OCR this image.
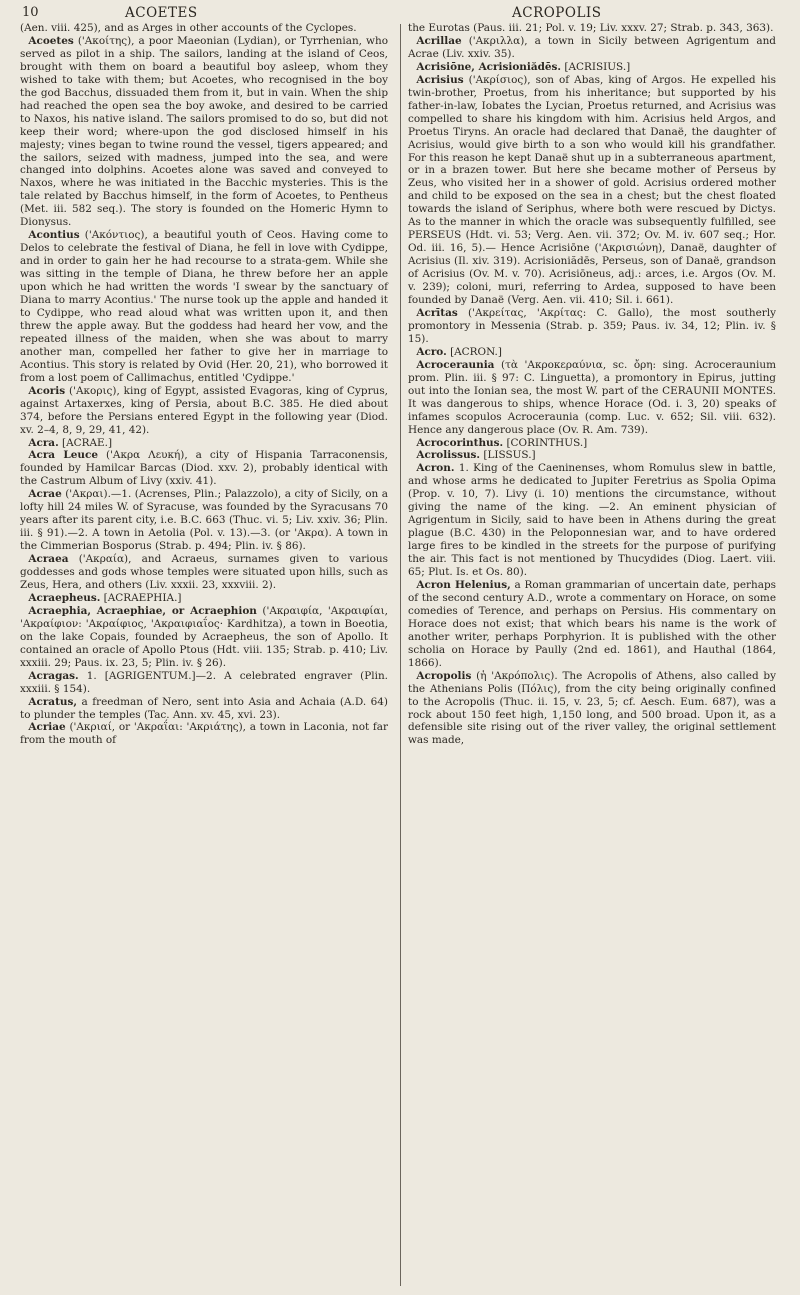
10	ACOETES	ACROPOLIS

(Aen. viii. 425), and as Arges in other accounts of the Cyclopes.

Acoetes ('Ακοίτης), a poor Maeonian (Lydian), or Tyrrhenian, who served as pilot in a ship. The sailors, landing at the island of Ceos, brought with them on board a beautiful boy asleep, whom they wished to take with them; but Acoetes, who recognised in the boy the god Bacchus, dissuaded them from it, but in vain. When the ship had reached the open sea the boy awoke, and desired to be carried to Naxos, his native island. The sailors promised to do so, but did not keep their word; where-upon the god disclosed himself in his majesty; vines began to twine round the vessel, tigers appeared; and the sailors, seized with madness, jumped into the sea, and were changed into dolphins. Acoetes alone was saved and conveyed to Naxos, where he was initiated in the Bacchic mysteries. This is the tale related by Bacchus himself, in the form of Acoetes, to Pentheus (Met. iii. 582 seq.). The story is founded on the Homeric Hymn to Dionysus.

Acontius ('Ακόντιος), a beautiful youth of Ceos. Having come to Delos to celebrate the festival of Diana, he fell in love with Cydippe, and in order to gain her he had recourse to a strata-gem. While she was sitting in the temple of Diana, he threw before her an apple upon which he had written the words 'I swear by the sanctuary of Diana to marry Acontius.' The nurse took up the apple and handed it to Cydippe, who read aloud what was written upon it, and then threw the apple away. But the goddess had heard her vow, and the repeated illness of the maiden, when she was about to marry another man, compelled her father to give her in marriage to Acontius. This story is related by Ovid (Her. 20, 21), who borrowed it from a lost poem of Callimachus, entitled 'Cydippe.'

Acoris ('Ακορις), king of Egypt, assisted Evagoras, king of Cyprus, against Artaxerxes, king of Persia, about B.C. 385. He died about 374, before the Persians entered Egypt in the following year (Diod. xv. 2–4, 8, 9, 29, 41, 42).

Acra. [ACRAE.]

Acra Leuce ('Ακρα Λευκή), a city of Hispania Tarraconensis, founded by Hamilcar Barcas (Diod. xxv. 2), probably identical with the Castrum Album of Livy (xxiv. 41).

Acrae ('Ακραι).—1. (Acrenses, Plin.; Palazzolo), a city of Sicily, on a lofty hill 24 miles W. of Syracuse, was founded by the Syracusans 70 years after its parent city, i.e. B.C. 663 (Thuc. vi. 5; Liv. xxiv. 36; Plin. iii. § 91).—2. A town in Aetolia (Pol. v. 13).—3. (or 'Ακρα). A town in the Cimmerian Bosporus (Strab. p. 494; Plin. iv. § 86).

Acraea ('Ακραία), and Acraeus, surnames given to various goddesses and gods whose temples were situated upon hills, such as Zeus, Hera, and others (Liv. xxxii. 23, xxxviii. 2).

Acraepheus. [ACRAEPHIA.]

Acraephia, Acraephiae, or Acraephion ('Ακραιφία, 'Ακραιφίαι, 'Ακραίφιον: 'Ακραίφιος, 'Ακραιφιαΐος· Kardhitza), a town in Boeotia, on the lake Copais, founded by Acraepheus, the son of Apollo. It contained an oracle of Apollo Ptous (Hdt. viii. 135; Strab. p. 410; Liv. xxxiii. 29; Paus. ix. 23, 5; Plin. iv. § 26).

Acragas. 1. [AGRIGENTUM.]—2. A celebrated engraver (Plin. xxxiii. § 154).

Acratus, a freedman of Nero, sent into Asia and Achaia (A.D. 64) to plunder the temples (Tac. Ann. xv. 45, xvi. 23).

Acriae ('Ακριαί, or 'Ακραΐαι: 'Ακριάτης), a town in Laconia, not far from the mouth of

the Eurotas (Paus. iii. 21; Pol. v. 19; Liv. xxxv. 27; Strab. p. 343, 363).

Acrillae ('Ακριλλα), a town in Sicily between Agrigentum and Acrae (Liv. xxiv. 35).

Acrisiōne, Acrisioniădēs. [ACRISIUS.]

Acrisius ('Ακρίσιος), son of Abas, king of Argos. He expelled his twin-brother, Proetus, from his inheritance; but supported by his father-in-law, Iobates the Lycian, Proetus returned, and Acrisius was compelled to share his kingdom with him. Acrisius held Argos, and Proetus Tiryns. An oracle had declared that Danaë, the daughter of Acrisius, would give birth to a son who would kill his grandfather. For this reason he kept Danaë shut up in a subterraneous apartment, or in a brazen tower. But here she became mother of Perseus by Zeus, who visited her in a shower of gold. Acrisius ordered mother and child to be exposed on the sea in a chest; but the chest floated towards the island of Seriphus, where both were rescued by Dictys. As to the manner in which the oracle was subsequently fulfilled, see PERSEUS (Hdt. vi. 53; Verg. Aen. vii. 372; Ov. M. iv. 607 seq.; Hor. Od. iii. 16, 5).— Hence Acrisiōne ('Ακρισιώνη), Danaë, daughter of Acrisius (Il. xiv. 319). Acrisioniădēs, Perseus, son of Danaë, grandson of Acrisius (Ov. M. v. 70). Acrisiōneus, adj.: arces, i.e. Argos (Ov. M. v. 239); coloni, muri, referring to Ardea, supposed to have been founded by Danaë (Verg. Aen. vii. 410; Sil. i. 661).

Acrītas ('Ακρείτας, 'Ακρίτας: C. Gallo), the most southerly promontory in Messenia (Strab. p. 359; Paus. iv. 34, 12; Plin. iv. § 15).

Acro. [ACRON.]

Acroceraunia (τὰ 'Ακροκεραύνια, sc. ὄρη: sing. Acroceraunium prom. Plin. iii. § 97: C. Linguetta), a promontory in Epirus, jutting out into the Ionian sea, the most W. part of the CERAUNII MONTES. It was dangerous to ships, whence Horace (Od. i. 3, 20) speaks of infames scopulos Acroceraunia (comp. Luc. v. 652; Sil. viii. 632). Hence any dangerous place (Ov. R. Am. 739).

Acrocorinthus. [CORINTHUS.]

Acrolissus. [LISSUS.]

Acron. 1. King of the Caeninenses, whom Romulus slew in battle, and whose arms he dedicated to Jupiter Feretrius as Spolia Opima (Prop. v. 10, 7). Livy (i. 10) mentions the circumstance, without giving the name of the king. —2. An eminent physician of Agrigentum in Sicily, said to have been in Athens during the great plague (B.C. 430) in the Peloponnesian war, and to have ordered large fires to be kindled in the streets for the purpose of purifying the air. This fact is not mentioned by Thucydides (Diog. Laert. viii. 65; Plut. Is. et Os. 80).

Acron Helenius, a Roman grammarian of uncertain date, perhaps of the second century A.D., wrote a commentary on Horace, on some comedies of Terence, and perhaps on Persius. His commentary on Horace does not exist; that which bears his name is the work of another writer, perhaps Porphyrion. It is published with the other scholia on Horace by Paully (2nd ed. 1861), and Hauthal (1864, 1866).

Acropolis (ἡ 'Ακρόπολις). The Acropolis of Athens, also called by the Athenians Polis (Πόλις), from the city being originally confined to the Acropolis (Thuc. ii. 15, v. 23, 5; cf. Aesch. Eum. 687), was a rock about 150 feet high, 1,150 long, and 500 broad. Upon it, as a defensible site rising out of the river valley, the original settlement was made,
